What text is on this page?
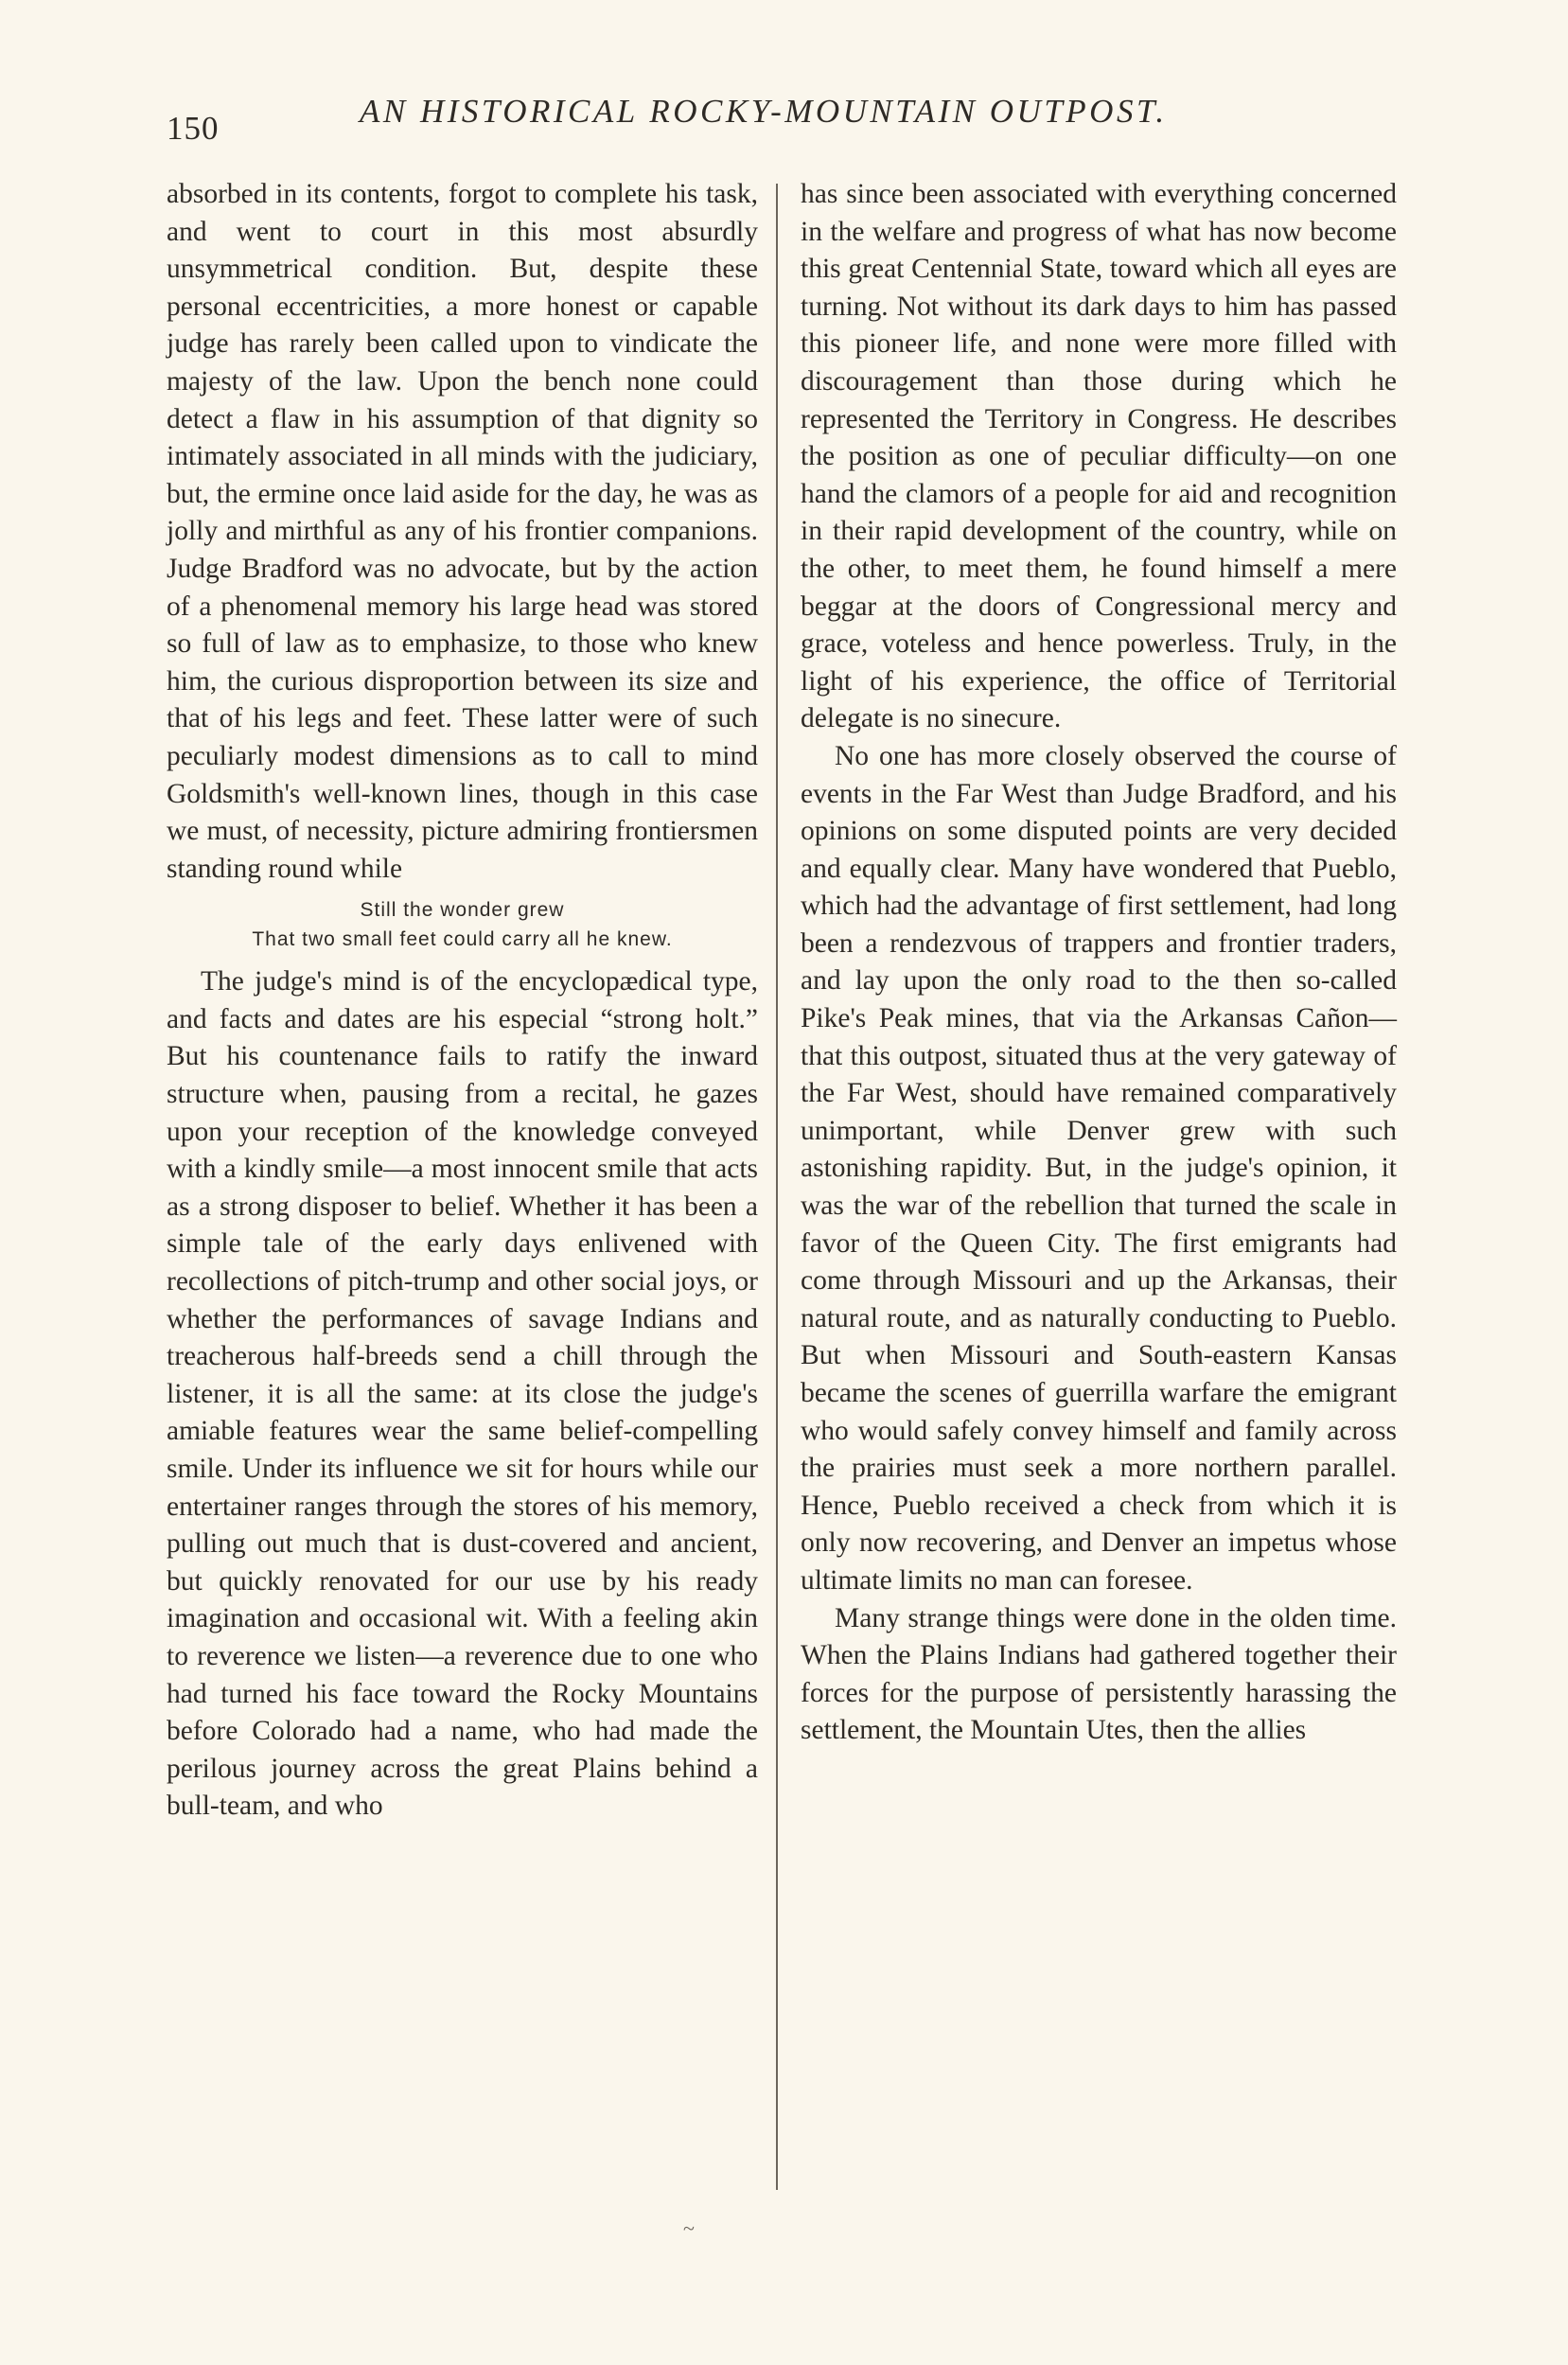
150	AN HISTORICAL ROCKY-MOUNTAIN OUTPOST.

absorbed in its contents, forgot to complete his task, and went to court in this most absurdly unsymmetrical condition. But, despite these personal eccentricities, a more honest or capable judge has rarely been called upon to vindicate the majesty of the law. Upon the bench none could detect a flaw in his assumption of that dignity so intimately associated in all minds with the judiciary, but, the ermine once laid aside for the day, he was as jolly and mirthful as any of his frontier companions. Judge Bradford was no advocate, but by the action of a phenomenal memory his large head was stored so full of law as to emphasize, to those who knew him, the curious disproportion between its size and that of his legs and feet. These latter were of such peculiarly modest dimensions as to call to mind Goldsmith's well-known lines, though in this case we must, of necessity, picture admiring frontiersmen standing round while

Still the wonder grew
That two small feet could carry all he knew.

The judge's mind is of the encyclopædical type, and facts and dates are his especial “strong holt.” But his countenance fails to ratify the inward structure when, pausing from a recital, he gazes upon your reception of the knowledge conveyed with a kindly smile—a most innocent smile that acts as a strong disposer to belief. Whether it has been a simple tale of the early days enlivened with recollections of pitch-trump and other social joys, or whether the performances of savage Indians and treacherous half-breeds send a chill through the listener, it is all the same: at its close the judge's amiable features wear the same belief-compelling smile. Under its influence we sit for hours while our entertainer ranges through the stores of his memory, pulling out much that is dust-covered and ancient, but quickly renovated for our use by his ready imagination and occasional wit. With a feeling akin to reverence we listen—a reverence due to one who had turned his face toward the Rocky Mountains before Colorado had a name, who had made the perilous journey across the great Plains behind a bull-team, and who

has since been associated with everything concerned in the welfare and progress of what has now become this great Centennial State, toward which all eyes are turning. Not without its dark days to him has passed this pioneer life, and none were more filled with discouragement than those during which he represented the Territory in Congress. He describes the position as one of peculiar difficulty—on one hand the clamors of a people for aid and recognition in their rapid development of the country, while on the other, to meet them, he found himself a mere beggar at the doors of Congressional mercy and grace, voteless and hence powerless. Truly, in the light of his experience, the office of Territorial delegate is no sinecure.

No one has more closely observed the course of events in the Far West than Judge Bradford, and his opinions on some disputed points are very decided and equally clear. Many have wondered that Pueblo, which had the advantage of first settlement, had long been a rendezvous of trappers and frontier traders, and lay upon the only road to the then so-called Pike's Peak mines, that via the Arkansas Cañon—that this outpost, situated thus at the very gateway of the Far West, should have remained comparatively unimportant, while Denver grew with such astonishing rapidity. But, in the judge's opinion, it was the war of the rebellion that turned the scale in favor of the Queen City. The first emigrants had come through Missouri and up the Arkansas, their natural route, and as naturally conducting to Pueblo. But when Missouri and South-eastern Kansas became the scenes of guerrilla warfare the emigrant who would safely convey himself and family across the prairies must seek a more northern parallel. Hence, Pueblo received a check from which it is only now recovering, and Denver an impetus whose ultimate limits no man can foresee.

Many strange things were done in the olden time. When the Plains Indians had gathered together their forces for the purpose of persistently harassing the settlement, the Mountain Utes, then the allies

~
